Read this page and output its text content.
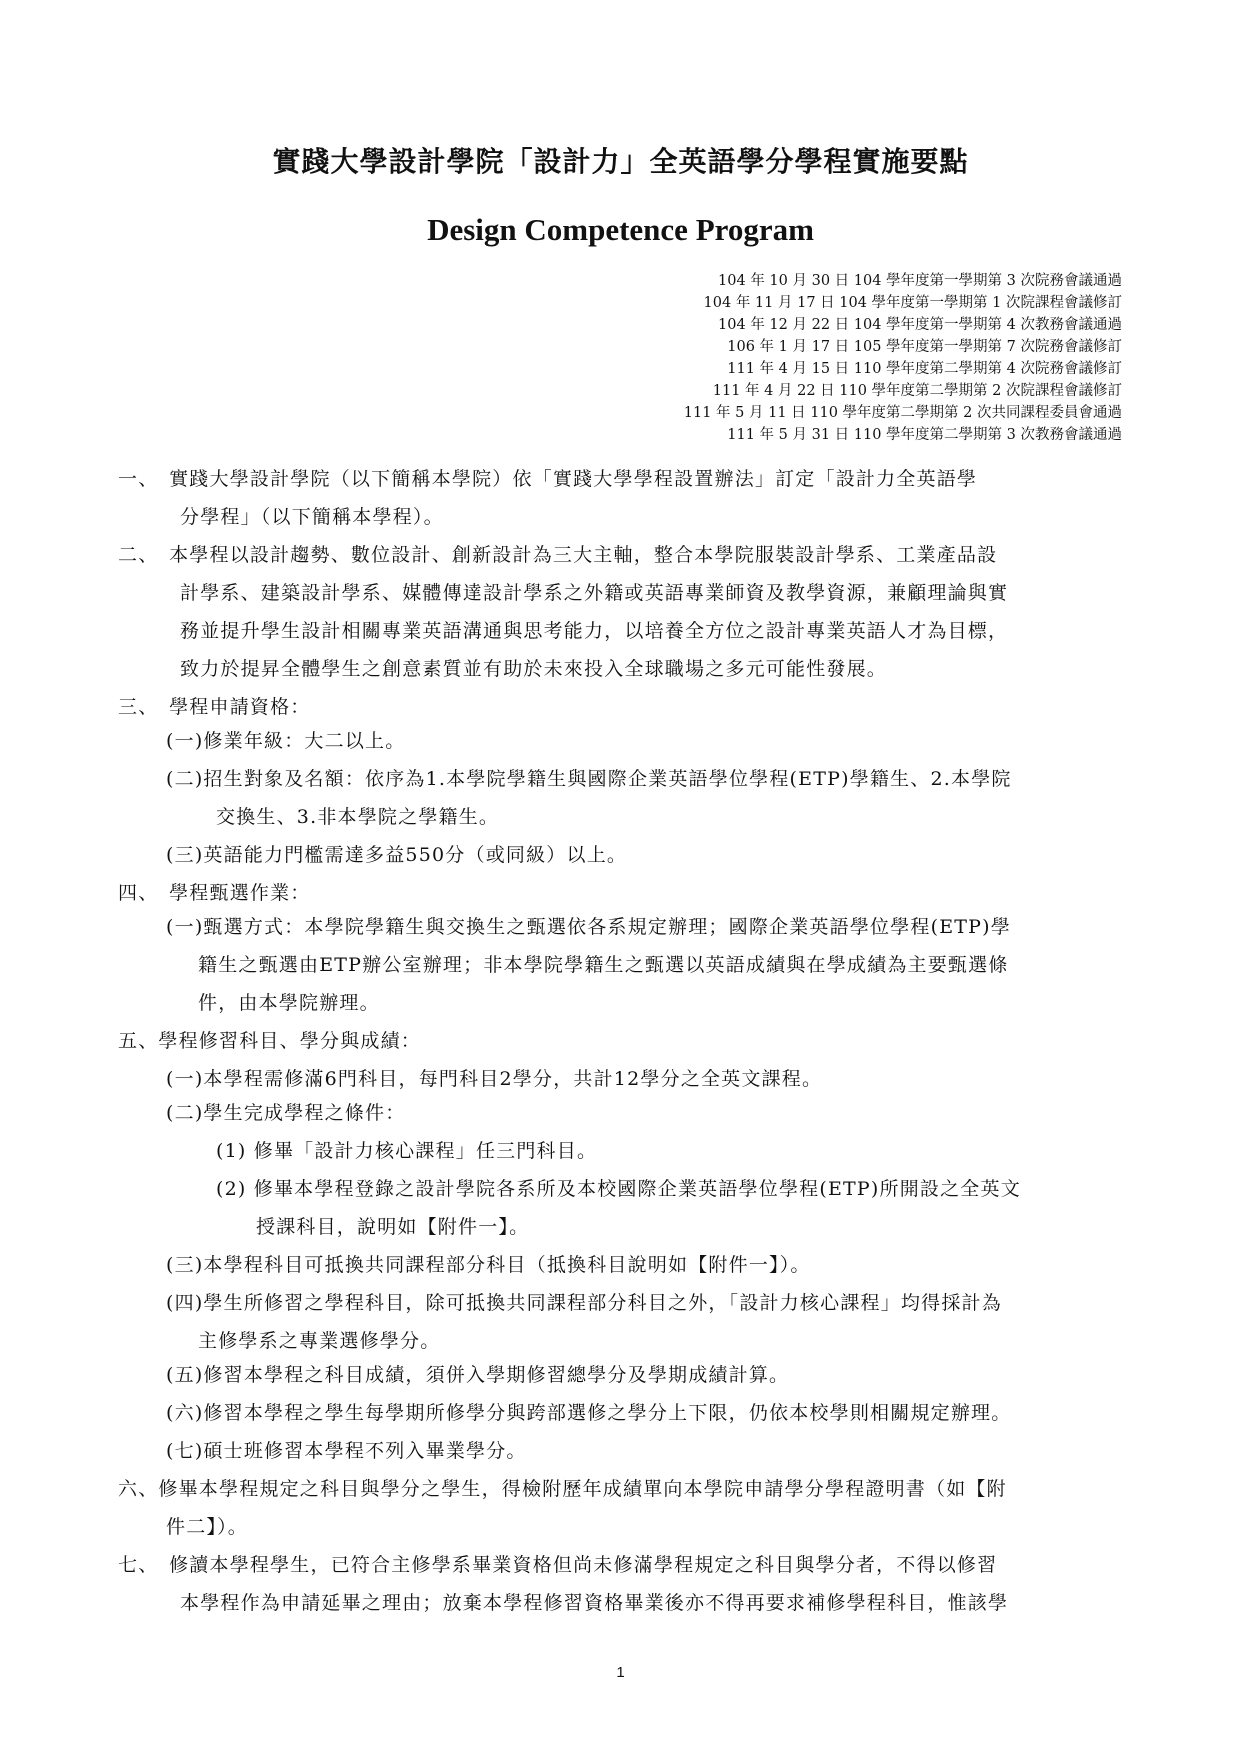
實踐大學設計學院「設計力」全英語學分學程實施要點
Design Competence Program
104 年 10 月 30 日 104 學年度第一學期第 3 次院務會議通過
104 年 11 月 17 日 104 學年度第一學期第 1 次院課程會議修訂
104 年 12 月 22 日 104 學年度第一學期第 4 次教務會議通過
106 年 1 月 17 日 105 學年度第一學期第 7 次院務會議修訂
111 年 4 月 15 日 110 學年度第二學期第 4 次院務會議修訂
111 年 4 月 22 日 110 學年度第二學期第 2 次院課程會議修訂
111 年 5 月 11 日 110 學年度第二學期第 2 次共同課程委員會通過
111 年 5 月 31 日 110 學年度第二學期第 3 次教務會議通過
一、　實踐大學設計學院（以下簡稱本學院）依「實踐大學學程設置辦法」訂定「設計力全英語學
分學程」（以下簡稱本學程）。
二、　本學程以設計趨勢、數位設計、創新設計為三大主軸，整合本學院服裝設計學系、工業產品設
計學系、建築設計學系、媒體傳達設計學系之外籍或英語專業師資及教學資源，兼顧理論與實
務並提升學生設計相關專業英語溝通與思考能力，以培養全方位之設計專業英語人才為目標，
致力於提昇全體學生之創意素質並有助於未來投入全球職場之多元可能性發展。
三、　學程申請資格：
(一)修業年級：大二以上。
(二)招生對象及名額：依序為1.本學院學籍生與國際企業英語學位學程(ETP)學籍生、2.本學院
交換生、3.非本學院之學籍生。
(三)英語能力門檻需達多益550分（或同級）以上。
四、　學程甄選作業：
(一)甄選方式：本學院學籍生與交換生之甄選依各系規定辦理；國際企業英語學位學程(ETP)學
籍生之甄選由ETP辦公室辦理；非本學院學籍生之甄選以英語成績與在學成績為主要甄選條
件，由本學院辦理。
五、學程修習科目、學分與成績：
(一)本學程需修滿6門科目，每門科目2學分，共計12學分之全英文課程。
(二)學生完成學程之條件：
(1) 修畢「設計力核心課程」任三門科目。
(2) 修畢本學程登錄之設計學院各系所及本校國際企業英語學位學程(ETP)所開設之全英文
授課科目，說明如【附件一】。
(三)本學程科目可抵換共同課程部分科目（抵換科目說明如【附件一】）。
(四)學生所修習之學程科目，除可抵換共同課程部分科目之外，「設計力核心課程」均得採計為
主修學系之專業選修學分。
(五)修習本學程之科目成績，須併入學期修習總學分及學期成績計算。
(六)修習本學程之學生每學期所修學分與跨部選修之學分上下限，仍依本校學則相關規定辦理。
(七)碩士班修習本學程不列入畢業學分。
六、修畢本學程規定之科目與學分之學生，得檢附歷年成績單向本學院申請學分學程證明書（如【附
件二】）。
七、　修讀本學程學生，已符合主修學系畢業資格但尚未修滿學程規定之科目與學分者，不得以修習
本學程作為申請延畢之理由；放棄本學程修習資格畢業後亦不得再要求補修學程科目，惟該學
1
